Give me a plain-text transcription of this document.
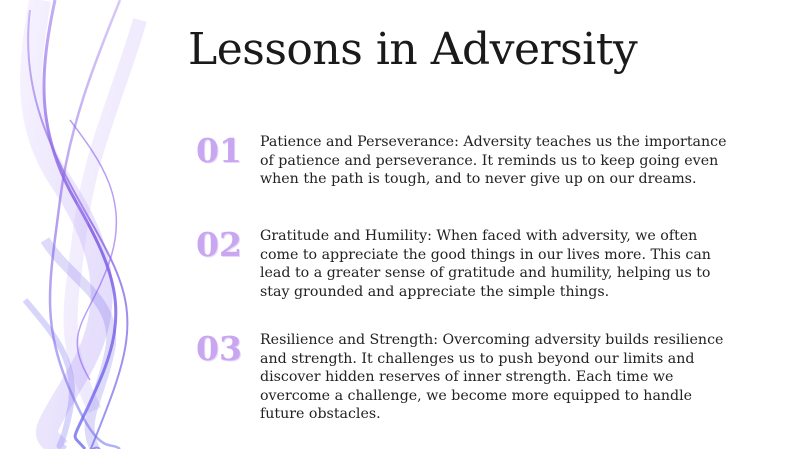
Lessons in Adversity
01	Patience and Perseverance: Adversity teaches us the importance of patience and perseverance. It reminds us to keep going even when the path is tough, and to never give up on our dreams.

02	Gratitude and Humility: When faced with adversity, we often come to appreciate the good things in our lives more. This can lead to a greater sense of gratitude and humility, helping us to stay grounded and appreciate the simple things.

03	Resilience and Strength: Overcoming adversity builds resilience and strength. It challenges us to push beyond our limits and discover hidden reserves of inner strength. Each time we overcome a challenge, we become more equipped to handle future obstacles.
